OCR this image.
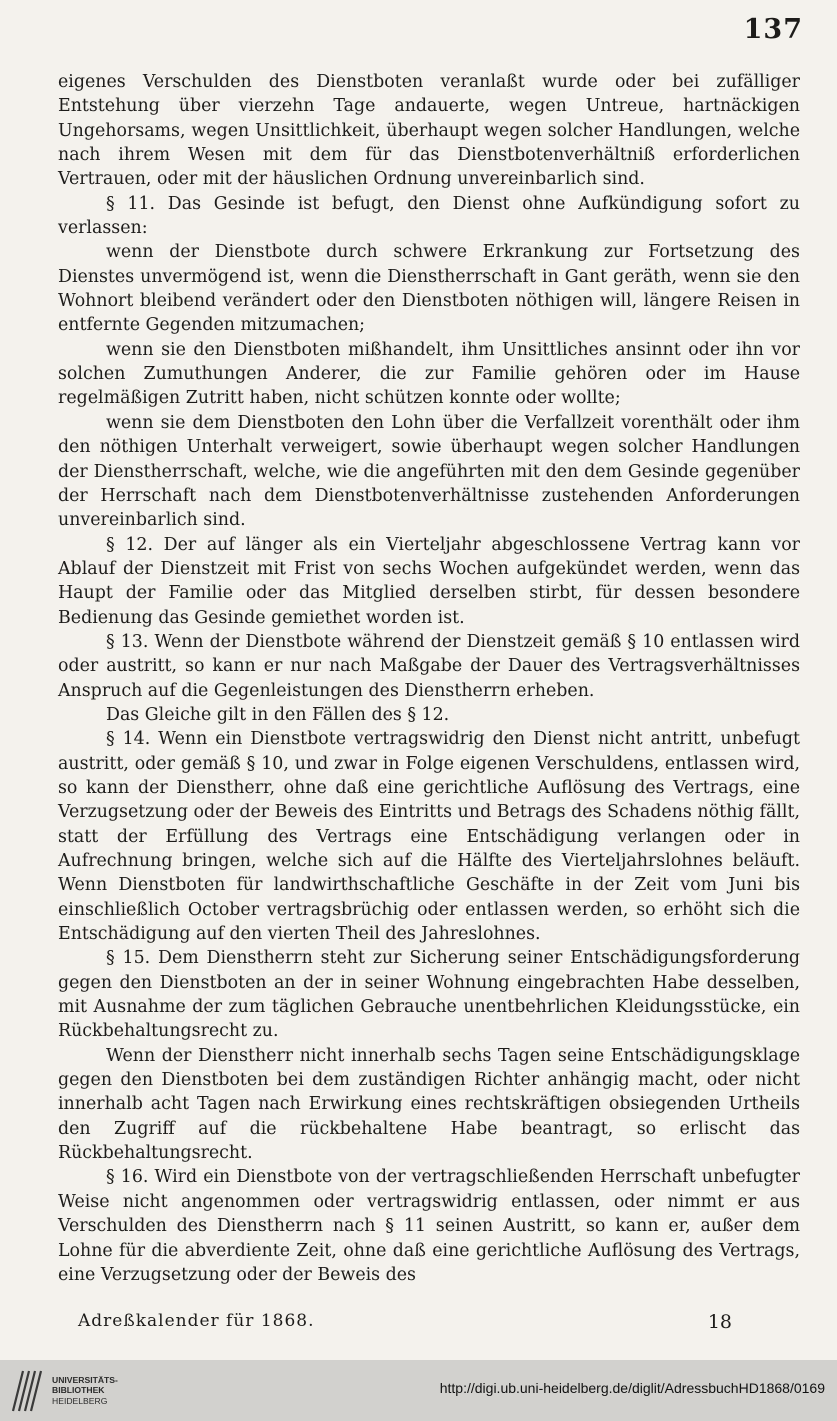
137

eigenes Verschulden des Dienstboten veranlaßt wurde oder bei zufälliger Entstehung über vierzehn Tage andauerte, wegen Untreue, hartnäckigen Ungehorsams, wegen Unsittlichkeit, überhaupt wegen solcher Handlungen, welche nach ihrem Wesen mit dem für das Dienstbotenverhältniß erforderlichen Vertrauen, oder mit der häuslichen Ordnung unvereinbarlich sind.

§ 11. Das Gesinde ist befugt, den Dienst ohne Aufkündigung sofort zu verlassen:

wenn der Dienstbote durch schwere Erkrankung zur Fortsetzung des Dienstes unvermögend ist, wenn die Dienstherrschaft in Gant geräth, wenn sie den Wohnort bleibend verändert oder den Dienstboten nöthigen will, längere Reisen in entfernte Gegenden mitzumachen;

wenn sie den Dienstboten mißhandelt, ihm Unsittliches ansinnt oder ihn vor solchen Zumuthungen Anderer, die zur Familie gehören oder im Hause regelmäßigen Zutritt haben, nicht schützen konnte oder wollte;

wenn sie dem Dienstboten den Lohn über die Verfallzeit vorenthält oder ihm den nöthigen Unterhalt verweigert, sowie überhaupt wegen solcher Handlungen der Dienstherrschaft, welche, wie die angeführten mit den dem Gesinde gegenüber der Herrschaft nach dem Dienstbotenverhältnisse zustehenden Anforderungen unvereinbarlich sind.

§ 12. Der auf länger als ein Vierteljahr abgeschlossene Vertrag kann vor Ablauf der Dienstzeit mit Frist von sechs Wochen aufgekündet werden, wenn das Haupt der Familie oder das Mitglied derselben stirbt, für dessen besondere Bedienung das Gesinde gemiethet worden ist.

§ 13. Wenn der Dienstbote während der Dienstzeit gemäß § 10 entlassen wird oder austritt, so kann er nur nach Maßgabe der Dauer des Vertragsverhältnisses Anspruch auf die Gegenleistungen des Dienstherrn erheben.

Das Gleiche gilt in den Fällen des § 12.

§ 14. Wenn ein Dienstbote vertragswidrig den Dienst nicht antritt, unbefugt austritt, oder gemäß § 10, und zwar in Folge eigenen Verschuldens, entlassen wird, so kann der Dienstherr, ohne daß eine gerichtliche Auflösung des Vertrags, eine Verzugsetzung oder der Beweis des Eintritts und Betrags des Schadens nöthig fällt, statt der Erfüllung des Vertrags eine Entschädigung verlangen oder in Aufrechnung bringen, welche sich auf die Hälfte des Vierteljahrslohnes beläuft. Wenn Dienstboten für landwirthschaftliche Geschäfte in der Zeit vom Juni bis einschließlich October vertragsbrüchig oder entlassen werden, so erhöht sich die Entschädigung auf den vierten Theil des Jahreslohnes.

§ 15. Dem Dienstherrn steht zur Sicherung seiner Entschädigungsforderung gegen den Dienstboten an der in seiner Wohnung eingebrachten Habe desselben, mit Ausnahme der zum täglichen Gebrauche unentbehrlichen Kleidungsstücke, ein Rückbehaltungsrecht zu.

Wenn der Dienstherr nicht innerhalb sechs Tagen seine Entschädigungsklage gegen den Dienstboten bei dem zuständigen Richter anhängig macht, oder nicht innerhalb acht Tagen nach Erwirkung eines rechtskräftigen obsiegenden Urtheils den Zugriff auf die rückbehaltene Habe beantragt, so erlischt das Rückbehaltungsrecht.

§ 16. Wird ein Dienstbote von der vertragschließenden Herrschaft unbefugter Weise nicht angenommen oder vertragswidrig entlassen, oder nimmt er aus Verschulden des Dienstherrn nach § 11 seinen Austritt, so kann er, außer dem Lohne für die abverdiente Zeit, ohne daß eine gerichtliche Auflösung des Vertrags, eine Verzugsetzung oder der Beweis des

Adreßkalender für 1868.	18
UNIVERSITÄTS-
BIBLIOTHEK
HEIDELBERG
http://digi.ub.uni-heidelberg.de/diglit/AdressbuchHD1868/0169
